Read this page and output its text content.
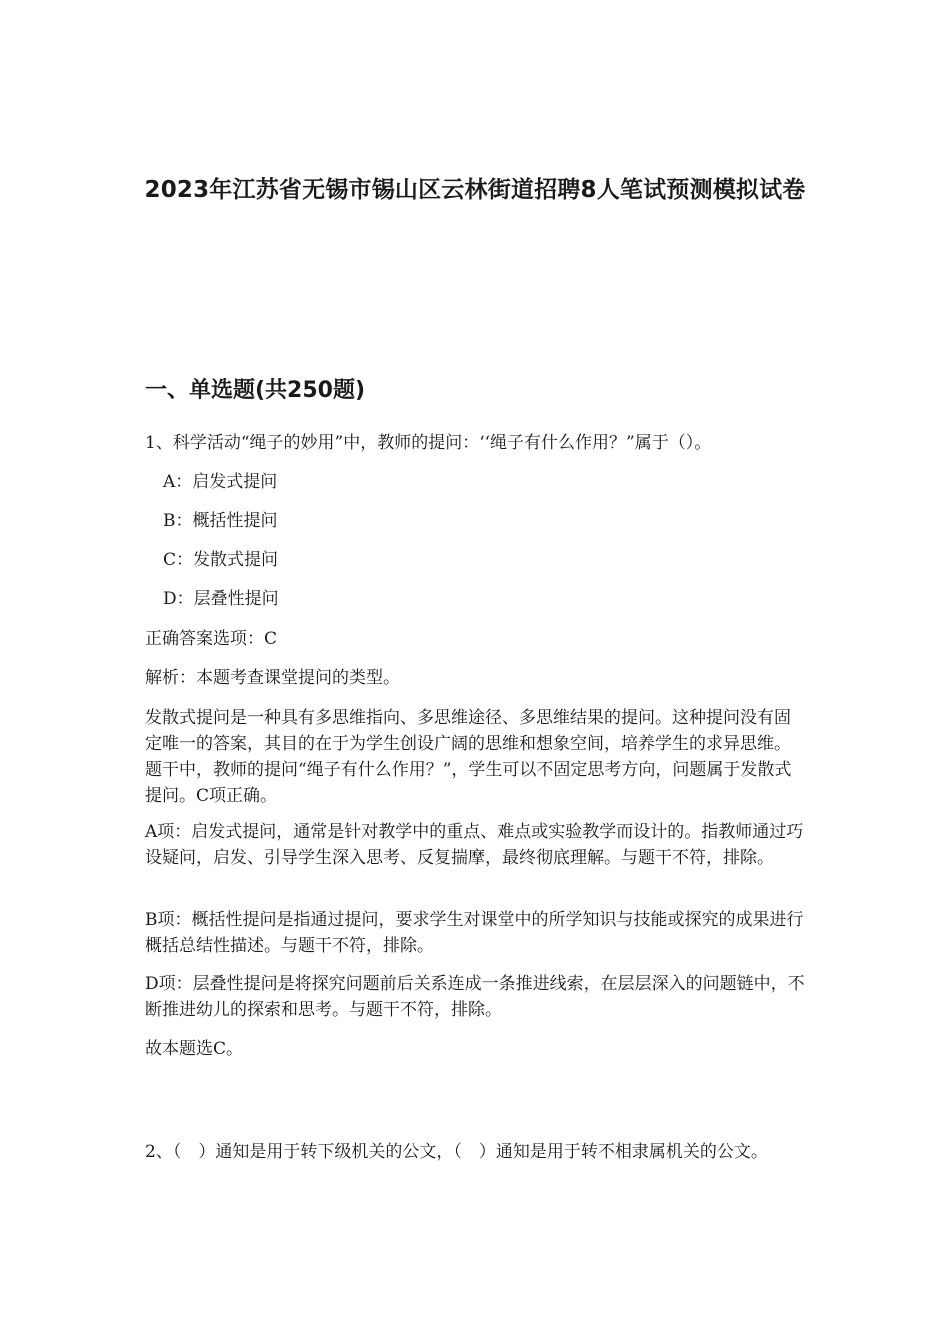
2023年江苏省无锡市锡山区云林街道招聘8人笔试预测模拟试卷
一、单选题(共250题)
1、科学活动“绳子的妙用”中，教师的提问：‘‘绳子有什么作用？”属于（）。
A：启发式提问
B：概括性提问
C：发散式提问
D：层叠性提问
正确答案选项：C
解析：本题考查课堂提问的类型。
发散式提问是一种具有多思维指向、多思维途径、多思维结果的提问。这种提问没有固定唯一的答案，其目的在于为学生创设广阔的思维和想象空间，培养学生的求异思维。题干中，教师的提问“绳子有什么作用？”，学生可以不固定思考方向，问题属于发散式提问。C项正确。
A项：启发式提问，通常是针对教学中的重点、难点或实验教学而设计的。指教师通过巧设疑问，启发、引导学生深入思考、反复揣摩，最终彻底理解。与题干不符，排除。
B项：概括性提问是指通过提问，要求学生对课堂中的所学知识与技能或探究的成果进行概括总结性描述。与题干不符，排除。
D项：层叠性提问是将探究问题前后关系连成一条推进线索，在层层深入的问题链中，不断推进幼儿的探索和思考。与题干不符，排除。
故本题选C。
2、（　）通知是用于转下级机关的公文，（　）通知是用于转不相隶属机关的公文。
